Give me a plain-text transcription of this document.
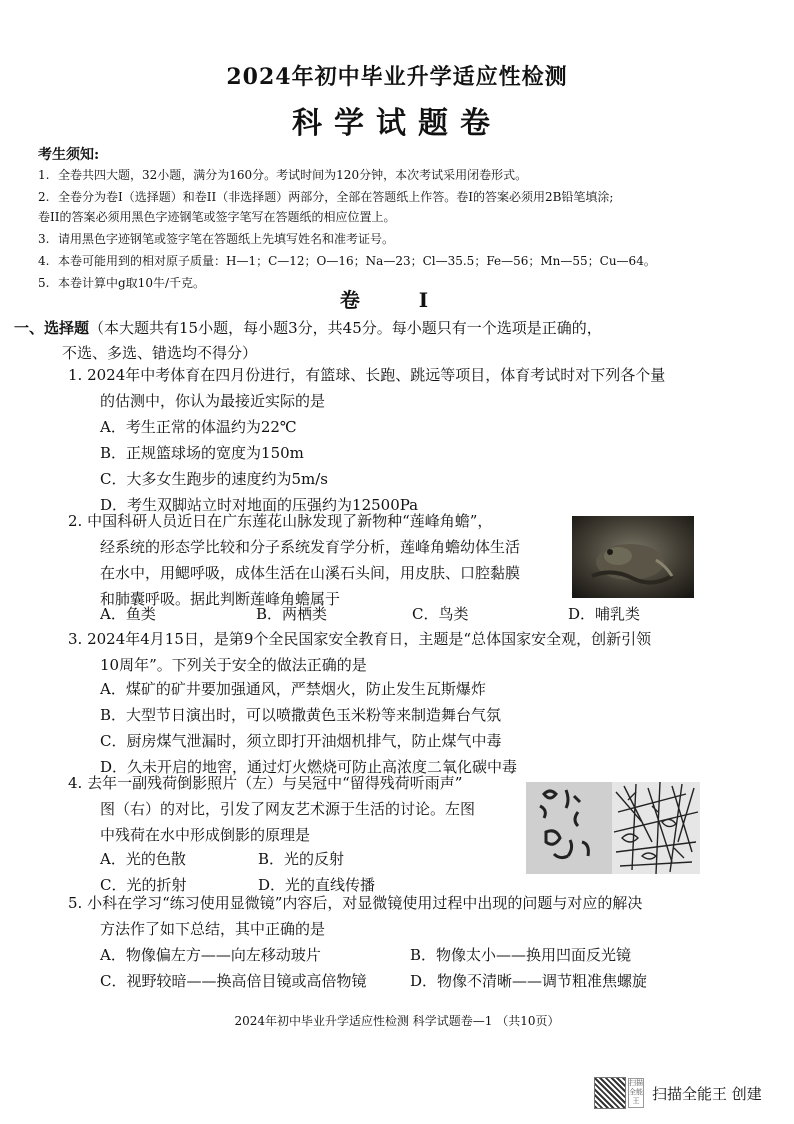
2024年初中毕业升学适应性检测
科学试题卷
考生须知:
1. 全卷共四大题，32小题，满分为160分。考试时间为120分钟，本次考试采用闭卷形式。
2. 全卷分为卷I（选择题）和卷II（非选择题）两部分，全部在答题纸上作答。卷I的答案必须用2B铅笔填涂;
卷II的答案必须用黑色字迹钢笔或签字笔写在答题纸的相应位置上。
3. 请用黑色字迹钢笔或签字笔在答题纸上先填写姓名和准考证号。
4. 本卷可能用到的相对原子质量：H—1；C—12；O—16；Na—23；Cl—35.5；Fe—56；Mn—55；Cu—64。
5. 本卷计算中g取10牛/千克。
卷 I
一、选择题（本大题共有15小题，每小题3分，共45分。每小题只有一个选项是正确的，
不选、多选、错选均不得分）
1. 2024年中考体育在四月份进行，有篮球、长跑、跳远等项目，体育考试时对下列各个量
的估测中，你认为最接近实际的是
A．考生正常的体温约为22℃
B．正规篮球场的宽度为150m
C．大多女生跑步的速度约为5m/s
D．考生双脚站立时对地面的压强约为12500Pa
2. 中国科研人员近日在广东莲花山脉发现了新物种“莲峰角蟾”，
经系统的形态学比较和分子系统发育学分析，莲峰角蟾幼体生活
在水中，用鳃呼吸，成体生活在山溪石头间，用皮肤、口腔黏膜
和肺囊呼吸。据此判断莲峰角蟾属于
A．鱼类	B．两栖类	C．鸟类	D．哺乳类
3. 2024年4月15日，是第9个全民国家安全教育日，主题是“总体国家安全观，创新引领
10周年”。下列关于安全的做法正确的是
A．煤矿的矿井要加强通风，严禁烟火，防止发生瓦斯爆炸
B．大型节日演出时，可以喷撒黄色玉米粉等来制造舞台气氛
C．厨房煤气泄漏时，须立即打开油烟机排气，防止煤气中毒
D．久未开启的地窖，通过灯火燃烧可防止高浓度二氧化碳中毒
4. 去年一副残荷倒影照片（左）与吴冠中“留得残荷听雨声”
图（右）的对比，引发了网友艺术源于生活的讨论。左图
中残荷在水中形成倒影的原理是
A．光的色散	B．光的反射
C．光的折射	D．光的直线传播
5. 小科在学习“练习使用显微镜”内容后，对显微镜使用过程中出现的问题与对应的解决
方法作了如下总结，其中正确的是
A．物像偏左方——向左移动玻片	B．物像太小——换用凹面反光镜
C．视野较暗——换高倍目镜或高倍物镜	D．物像不清晰——调节粗准焦螺旋
2024年初中毕业升学适应性检测 科学试题卷—1 （共10页）
扫描全能王 扫描全能王 创建
